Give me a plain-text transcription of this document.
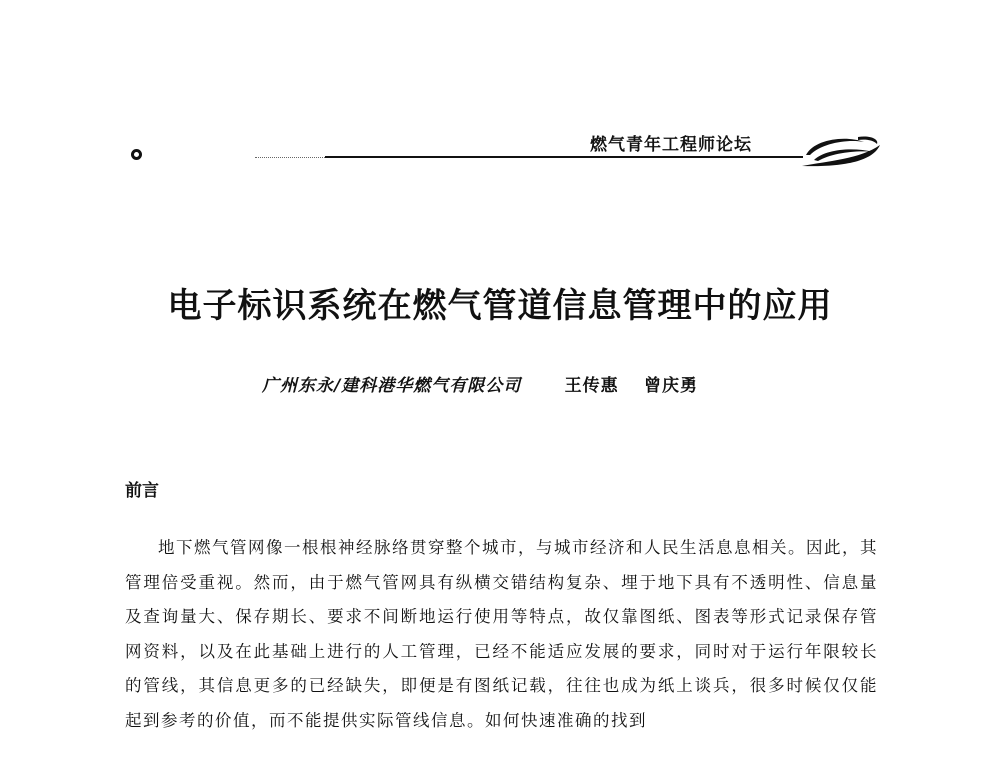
燃气青年工程师论坛
电子标识系统在燃气管道信息管理中的应用
广州东永/建科港华燃气有限公司	王传惠 曾庆勇
前言

地下燃气管网像一根根神经脉络贯穿整个城市，与城市经济和人民生活息息相关。因此，其管理倍受重视。然而，由于燃气管网具有纵横交错结构复杂、埋于地下具有不透明性、信息量及查询量大、保存期长、要求不间断地运行使用等特点，故仅靠图纸、图表等形式记录保存管网资料，以及在此基础上进行的人工管理，已经不能适应发展的要求，同时对于运行年限较长的管线，其信息更多的已经缺失，即便是有图纸记载，往往也成为纸上谈兵，很多时候仅仅能起到参考的价值，而不能提供实际管线信息。如何快速准确的找到
